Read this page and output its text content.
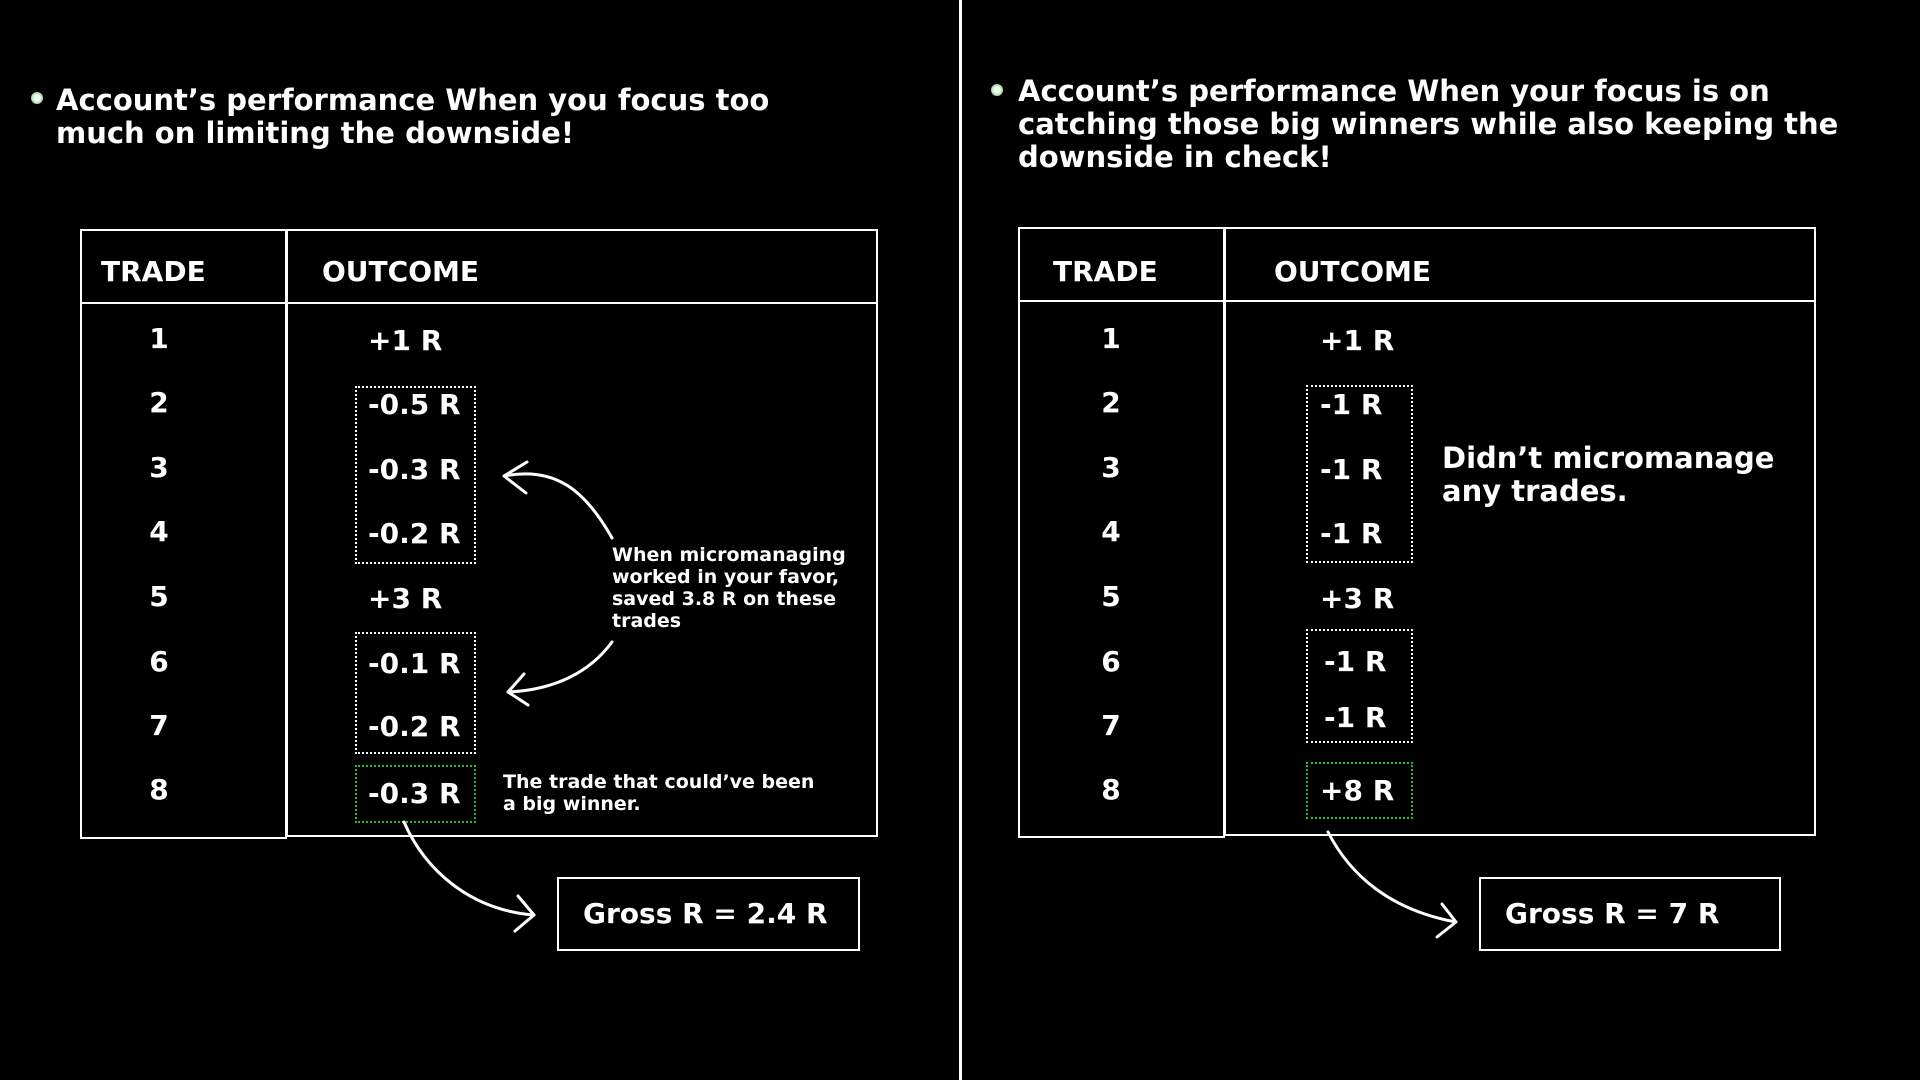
Account’s performance When you focus too
much on limiting the downside!
TRADE	OUTCOME
1
2
3
4
5
6
7
8
+1 R
-0.5 R
-0.3 R
-0.2 R
+3 R
-0.1 R
-0.2 R
-0.3 R
When micromanaging
worked in your favor,
saved 3.8 R on these
trades
The trade that could’ve been
a big winner.
Gross R = 2.4 R
Account’s performance When your focus is on
catching those big winners while also keeping the
downside in check!
TRADE	OUTCOME
1
2
3
4
5
6
7
8
+1 R
-1 R
-1 R
-1 R
+3 R
-1 R
-1 R
+8 R
Didn’t micromanage
any trades.
Gross R = 7 R
